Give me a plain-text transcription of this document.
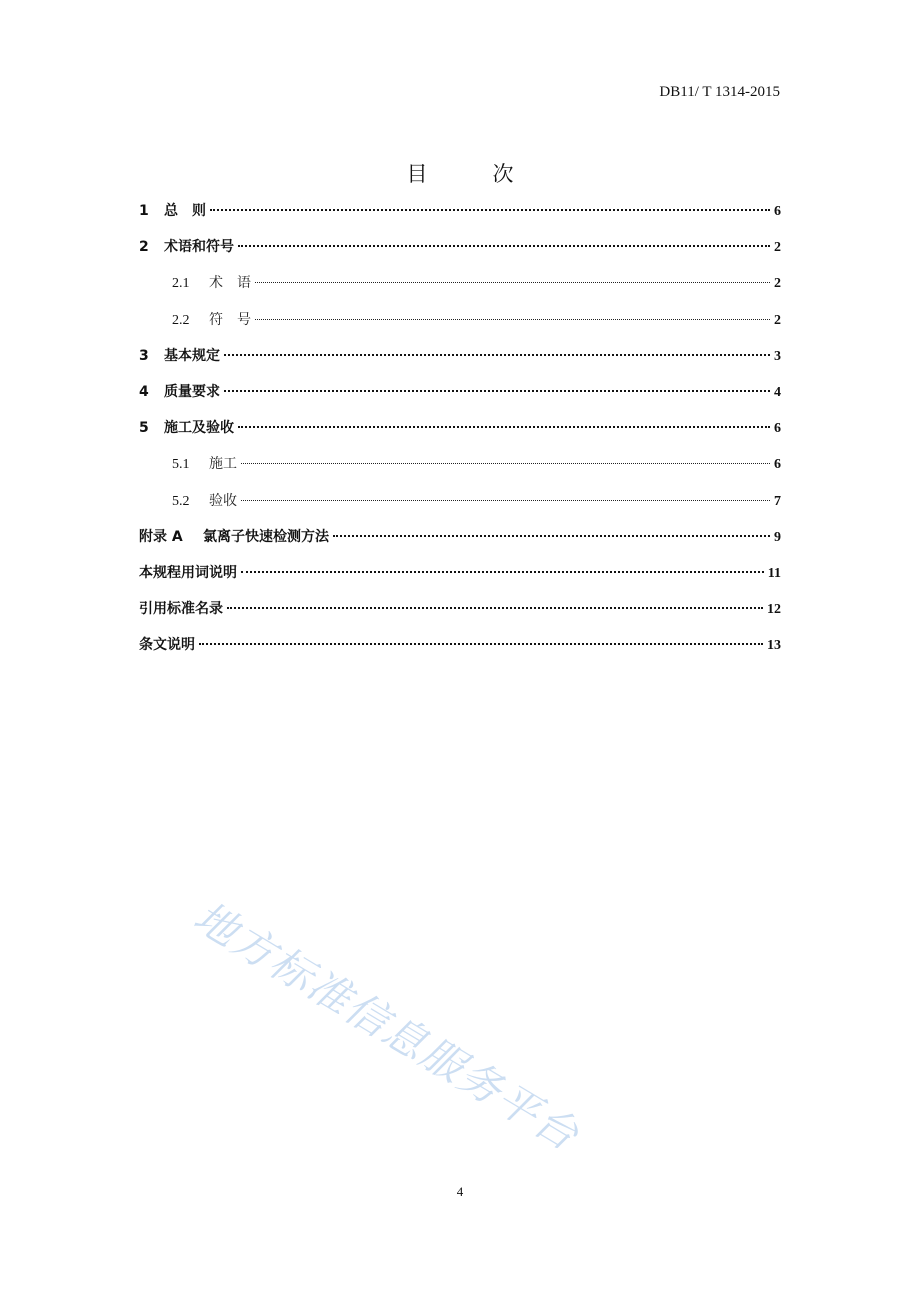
DB11/ T 1314-2015
目　次
1	总　则	6
2	术语和符号	2
2.1	术　语	2
2.2	符　号	2
3	基本规定	3
4	质量要求	4
5	施工及验收	6
5.1	施工	6
5.2	验收	7
附录 A	氯离子快速检测方法	9
本规程用词说明	11
引用标准名录	12
条文说明	13
地方标准信息服务平台
4
